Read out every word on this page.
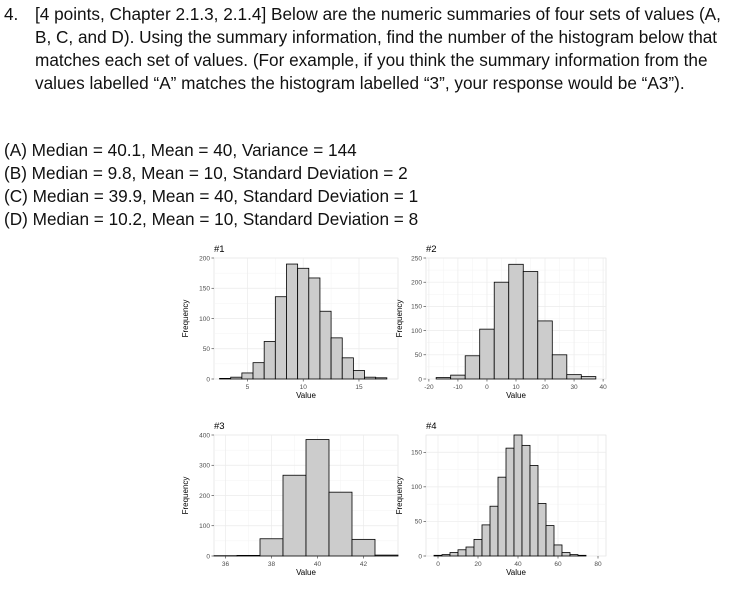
4. [4 points, Chapter 2.1.3, 2.1.4] Below are the numeric summaries of four sets of values (A, B, C, and D). Using the summary information, find the number of the histogram below that matches each set of values. (For example, if you think the summary information from the values labelled “A” matches the histogram labelled “3”, your response would be “A3”).
(A) Median = 40.1, Mean = 40, Variance = 144
(B) Median = 9.8, Mean = 10, Standard Deviation = 2
(C) Median = 39.9, Mean = 40, Standard Deviation = 1
(D) Median = 10.2, Mean = 10, Standard Deviation = 8
5	10	15
0
50
100
150
200
#1
Value
Frequency
-20	-10	0	10	20	30	40
0
50
100
150
200
250
#2
Value
Frequency
36	38	40	42
0
100
200
300
400
#3
Value
Frequency
0	20	40	60	80
0
50
100
150
#4
Value
Frequency
